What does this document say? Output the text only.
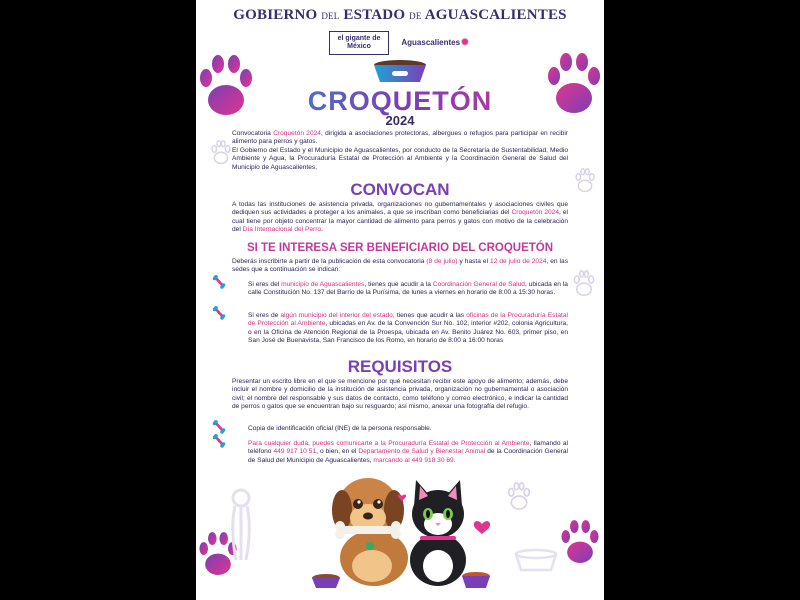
GOBIERNO DEL ESTADO DE AGUASCALIENTES
el gigante de México	Aguascalientes ✺
CROQUETÓN
2024
Convocatoria Croquetón 2024, dirigida a asociaciones protectoras, albergues o refugios para participar en recibir alimento para perros y gatos.
El Gobierno del Estado y el Municipio de Aguascalientes, por conducto de la Secretaría de Sustentabilidad, Medio Ambiente y Agua, la Procuraduría Estatal de Protección al Ambiente y la Coordinación General de Salud del Municipio de Aguascalientes,
CONVOCAN
A todas las instituciones de asistencia privada, organizaciones no gubernamentales y asociaciones civiles que dediquen sus actividades a proteger a los animales, a que se inscriban como beneficiarias del Croquetón 2024, el cual tiene por objeto concentrar la mayor cantidad de alimento para perros y gatos con motivo de la celebración del Día Internacional del Perro.
SI TE INTERESA SER BENEFICIARIO DEL CROQUETÓN
Deberás inscribirte a partir de la publicación de esta convocatoria (8 de julio) y hasta el 12 de julio de 2024, en las sedes que a continuación se indican:
Si eres del municipio de Aguascalientes, tienes que acudir a la Coordinación General de Salud, ubicada en la calle Constitución No. 137 del Barrio de la Purísima, de lunes a viernes en horario de 8:00 a 15:30 horas.
Si eres de algún municipio del interior del estado, tienes que acudir a las oficinas de la Procuraduría Estatal de Protección al Ambiente, ubicadas en Av. de la Convención Sur No. 102, interior #202, colonia Agricultura, o en la Oficina de Atención Regional de la Proespa, ubicada en Av. Benito Juárez No. 603, primer piso, en San José de Buenavista, San Francisco de los Romo, en horario de 8:00 a 16:00 horas
REQUISITOS
Presentar un escrito libre en el que se mencione por qué necesitan recibir este apoyo de alimento; además, debe incluir el nombre y domicilio de la institución de asistencia privada, organización no gubernamental o asociación civil; el nombre del responsable y sus datos de contacto, como teléfono y correo electrónico, e indicar la cantidad de perros o gatos que se encuentran bajo su resguardo; así mismo, anexar una fotografía del refugio.
Copia de identificación oficial (INE) de la persona responsable.
Para cualquier duda, puedes comunicarte a la Procuraduría Estatal de Protección al Ambiente, llamando al teléfono 449 917 10 51, o bien, en el Departamento de Salud y Bienestar Animal de la Coordinación General de Salud del Municipio de Aguascalientes, marcando al 449 918 30 69.
